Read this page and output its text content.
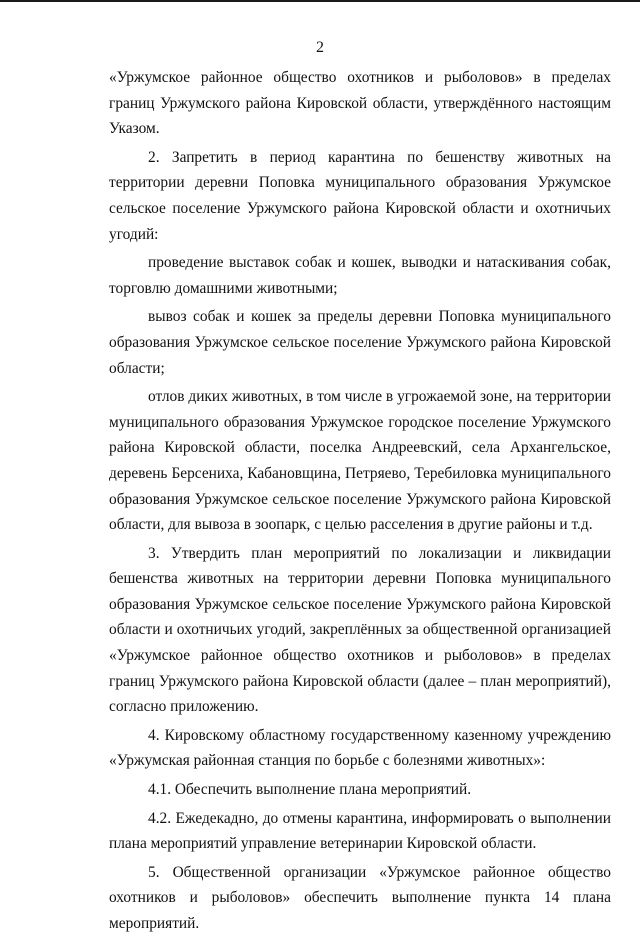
2

«Уржумское районное общество охотников и рыболовов» в пределах границ Уржумского района Кировской области, утверждённого настоящим Указом.

2. Запретить в период карантина по бешенству животных на территории деревни Поповка муниципального образования Уржумское сельское поселение Уржумского района Кировской области и охотничьих угодий:

проведение выставок собак и кошек, выводки и натаскивания собак, торговлю домашними животными;

вывоз собак и кошек за пределы деревни Поповка муниципального образования Уржумское сельское поселение Уржумского района Кировской области;

отлов диких животных, в том числе в угрожаемой зоне, на территории муниципального образования Уржумское городское поселение Уржумского района Кировской области, поселка Андреевский, села Архангельское, деревень Берсениха, Кабановщина, Петряево, Теребиловка муниципального образования Уржумское сельское поселение Уржумского района Кировской области, для вывоза в зоопарк, с целью расселения в другие районы и т.д.

3. Утвердить план мероприятий по локализации и ликвидации бешенства животных на территории деревни Поповка муниципального образования Уржумское сельское поселение Уржумского района Кировской области и охотничьих угодий, закреплённых за общественной организацией «Уржумское районное общество охотников и рыболовов» в пределах границ Уржумского района Кировской области (далее – план мероприятий), согласно приложению.

4. Кировскому областному государственному казенному учреждению «Уржумская районная станция по борьбе с болезнями животных»:

4.1. Обеспечить выполнение плана мероприятий.

4.2. Ежедекадно, до отмены карантина, информировать о выполнении плана мероприятий управление ветеринарии Кировской области.

5. Общественной организации «Уржумское районное общество охотников и рыболовов» обеспечить выполнение пункта 14 плана мероприятий.
